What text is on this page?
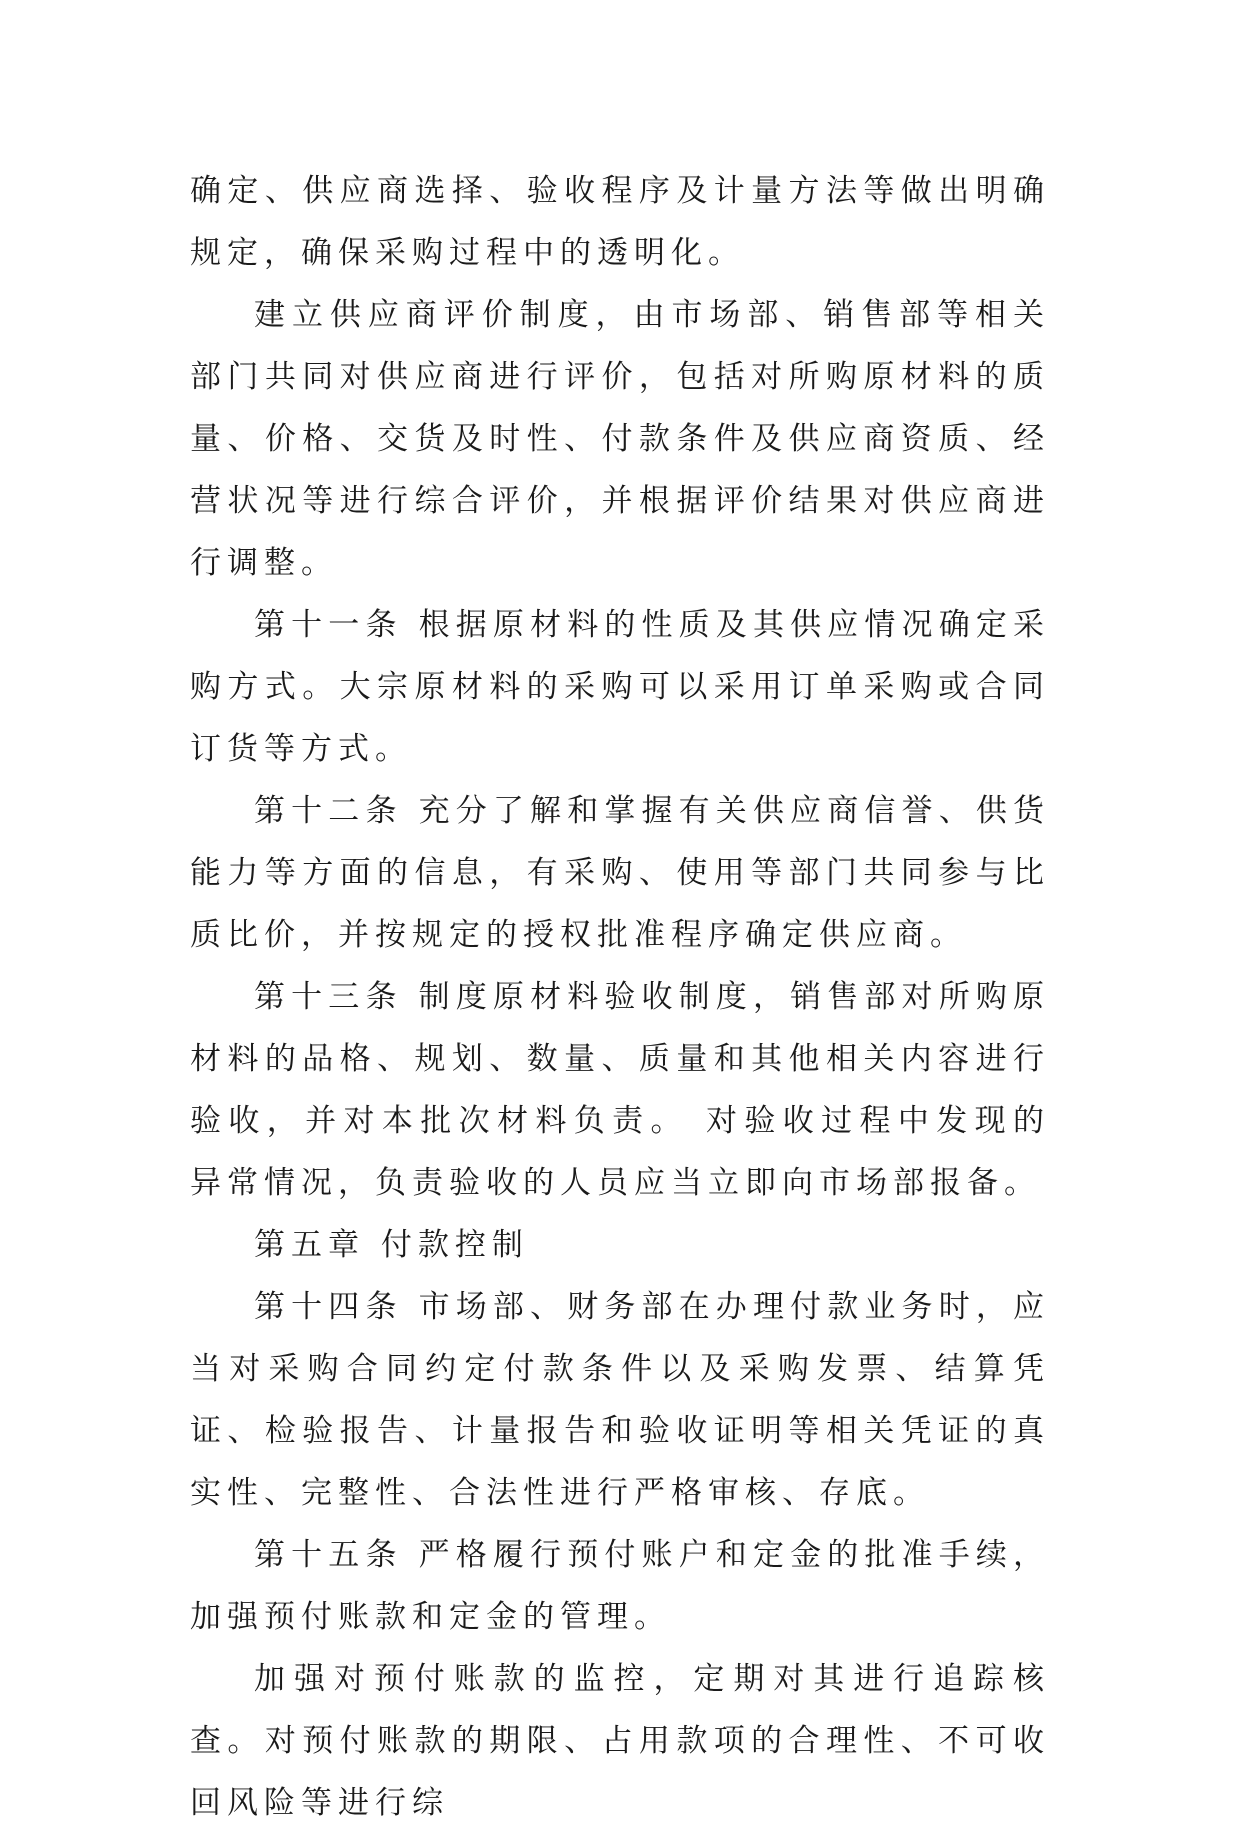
确定、供应商选择、验收程序及计量方法等做出明确规定，确保采购过程中的透明化。

建立供应商评价制度，由市场部、销售部等相关部门共同对供应商进行评价，包括对所购原材料的质量、价格、交货及时性、付款条件及供应商资质、经营状况等进行综合评价，并根据评价结果对供应商进行调整。

第十一条 根据原材料的性质及其供应情况确定采购方式。大宗原材料的采购可以采用订单采购或合同订货等方式。

第十二条 充分了解和掌握有关供应商信誉、供货能力等方面的信息，有采购、使用等部门共同参与比质比价，并按规定的授权批准程序确定供应商。

第十三条 制度原材料验收制度，销售部对所购原材料的品格、规划、数量、质量和其他相关内容进行验收，并对本批次材料负责。 对验收过程中发现的异常情况，负责验收的人员应当立即向市场部报备。

第五章 付款控制

第十四条 市场部、财务部在办理付款业务时，应当对采购合同约定付款条件以及采购发票、结算凭证、检验报告、计量报告和验收证明等相关凭证的真实性、完整性、合法性进行严格审核、存底。

第十五条 严格履行预付账户和定金的批准手续，加强预付账款和定金的管理。

加强对预付账款的监控，定期对其进行追踪核查。对预付账款的期限、占用款项的合理性、不可收回风险等进行综
